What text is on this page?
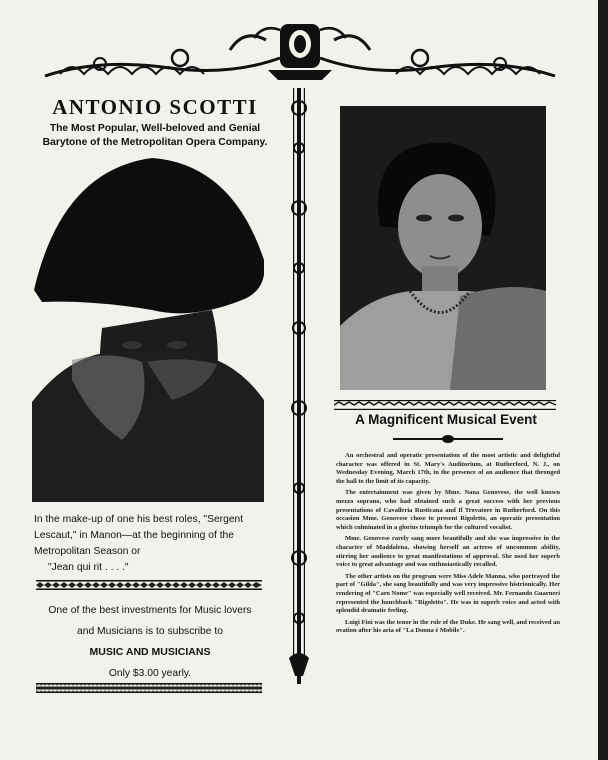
ANTONIO SCOTTI
The Most Popular, Well-beloved and Genial
Barytone of the Metropolitan Opera Company.
In the make-up of one his best roles, "Sergent
Lescaut," in Manon—at the beginning of the
Metropolitan Season or
"Jean qui rit . . . ."
One of the best investments for Music lovers
and Musicians is to subscribe to
MUSIC AND MUSICIANS
Only $3.00 yearly.
A Magnificent Musical Event

An orchestral and operatic presentation of the most artistic and delightful character was offered in St. Mary's Auditorium, at Rutherford, N. J., on Wednesday Evening, March 17th, in the presence of an audience that thronged the hall to the limit of its capacity.

The entertainment was given by Mme. Nana Genovese, the well known mezzo soprano, who had obtained such a great success with her previous presentations of Cavalleria Rusticana and Il Trovatore in Rutherford. On this occasion Mme. Genovese chose to present Rigoletto, an operatic presentation which culminated in a glorius triumph for the cultured vocalist.

Mme. Genovese rarely sang more beautifully and she was impressive in the character of Maddalena, showing herself an actress of uncommon ability, stirring her audience to great manifestations of approval. She used her superb voice to great advantage and was enthusiastically recalled.

The other artists on the program were Miss Adele Manna, who portrayed the part of "Gilda", she sang beautifully and was very impressive histrionically. Her rendering of "Caro Nome" was especially well received. Mr. Fernando Guarneri represented the hunchback "Rigoletto". He was in superb voice and acted with splendid dramatic feeling.

Luigi Fini was the tenor in the role of the Duke. He sang well, and received an ovation after his aria of "La Donna è Mobile".
